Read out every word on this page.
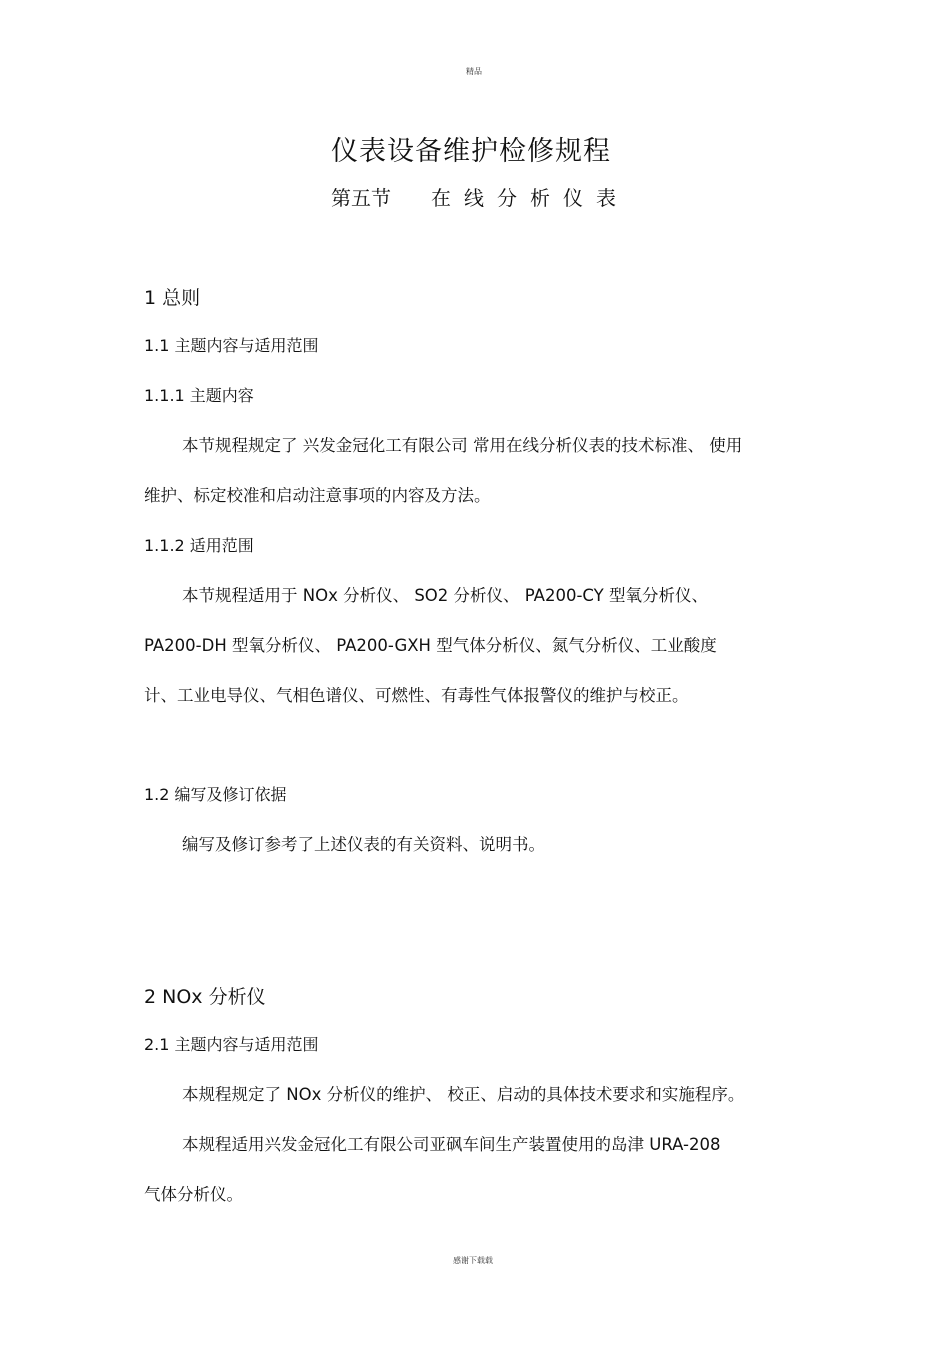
精品
仪表设备维护检修规程
第五节 在线分析仪表
1 总则
1.1 主题内容与适用范围
1.1.1 主题内容
本节规程规定了 兴发金冠化工有限公司 常用在线分析仪表的技术标准、 使用
维护、标定校准和启动注意事项的内容及方法。
1.1.2 适用范围
本节规程适用于 NOx 分析仪、 SO2 分析仪、 PA200-CY 型氧分析仪、
PA200-DH 型氧分析仪、 PA200-GXH 型气体分析仪、氮气分析仪、工业酸度
计、工业电导仪、气相色谱仪、可燃性、有毒性气体报警仪的维护与校正。
1.2 编写及修订依据
编写及修订参考了上述仪表的有关资料、说明书。
2 NOx 分析仪
2.1 主题内容与适用范围
本规程规定了 NOx 分析仪的维护、 校正、启动的具体技术要求和实施程序。
本规程适用兴发金冠化工有限公司亚砜车间生产装置使用的岛津 URA-208
气体分析仪。
感谢下载载
